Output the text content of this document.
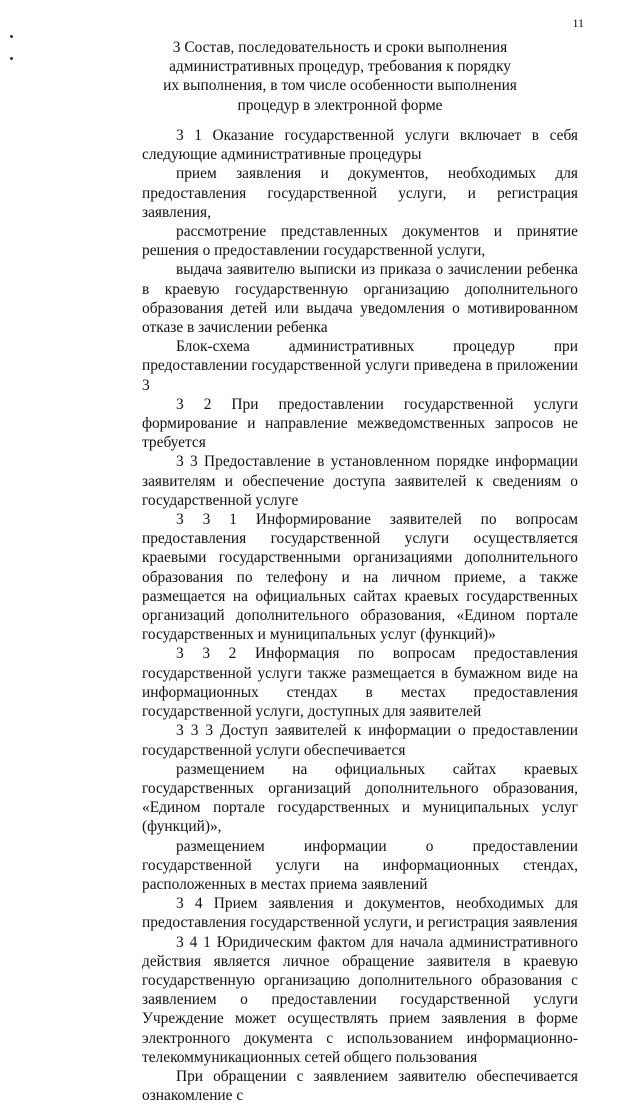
11
3 Состав, последовательность и сроки выполнения
административных процедур, требования к порядку
их выполнения, в том числе особенности выполнения
процедур в электронной форме

3 1 Оказание государственной услуги включает в себя следующие административные процедуры

прием заявления и документов, необходимых для предоставления государственной услуги, и регистрация заявления,

рассмотрение представленных документов и принятие решения о предоставлении государственной услуги,

выдача заявителю выписки из приказа о зачислении ребенка в краевую государственную организацию дополнительного образования детей или выдача уведомления о мотивированном отказе в зачислении ребенка

Блок-схема административных процедур при предоставлении государственной услуги приведена в приложении 3

3 2 При предоставлении государственной услуги формирование и направление межведомственных запросов не требуется

3 3 Предоставление в установленном порядке информации заявителям и обеспечение доступа заявителей к сведениям о государственной услуге

3 3 1 Информирование заявителей по вопросам предоставления государственной услуги осуществляется краевыми государственными организациями дополнительного образования по телефону и на личном приеме, а также размещается на официальных сайтах краевых государственных организаций дополнительного образования, «Едином портале государственных и муниципальных услуг (функций)»

3 3 2 Информация по вопросам предоставления государственной услуги также размещается в бумажном виде на информационных стендах в местах предоставления государственной услуги, доступных для заявителей

3 3 3 Доступ заявителей к информации о предоставлении государственной услуги обеспечивается

размещением на официальных сайтах краевых государственных организаций дополнительного образования, «Едином портале государственных и муниципальных услуг (функций)»,

размещением информации о предоставлении государственной услуги на информационных стендах, расположенных в местах приема заявлений

3 4 Прием заявления и документов, необходимых для предоставления государственной услуги, и регистрация заявления

3 4 1 Юридическим фактом для начала административного действия является личное обращение заявителя в краевую государственную организацию дополнительного образования с заявлением о предоставлении государственной услуги Учреждение может осуществлять прием заявления в форме электронного документа с использованием информационно-телекоммуникационных сетей общего пользования

При обращении с заявлением заявителю обеспечивается ознакомление с
